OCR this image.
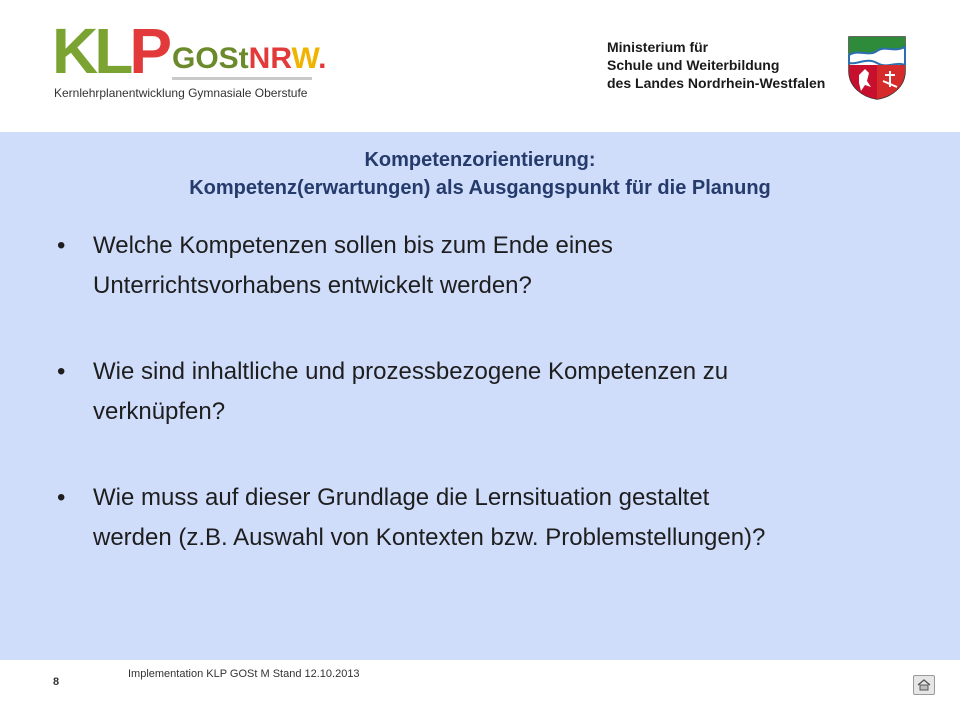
K L P GOStNRW.
Kernlehrplanentwicklung Gymnasiale Oberstufe
Ministerium für
Schule und Weiterbildung
des Landes Nordrhein-Westfalen
Kompetenzorientierung:
Kompetenz(erwartungen) als Ausgangspunkt für die Planung
•	Welche Kompetenzen sollen bis zum Ende eines
Unterrichtsvorhabens entwickelt werden?
•	Wie sind inhaltliche und prozessbezogene Kompetenzen zu
verknüpfen?
•	Wie muss auf dieser Grundlage die Lernsituation gestaltet
werden (z.B. Auswahl von Kontexten bzw. Problemstellungen)?
Implementation KLP GOSt M Stand 12.10.2013
8
